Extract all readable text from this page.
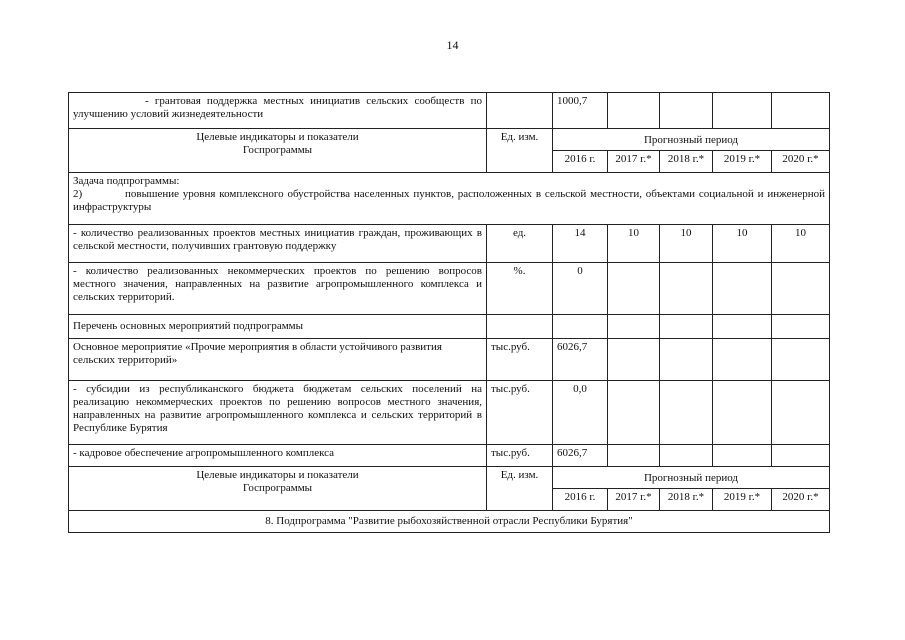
14
- грантовая поддержка местных инициатив сельских сообществ по улучшению условий жизнедеятельности		1000,7				
Целевые индикаторы и показатели Госпрограммы	Ед. изм.	Прогнозный период				
		2016 г.	2017 г.*	2018 г.*	2019 г.*	2020 г.*

Задача подпрограммы:
2) повышение уровня комплексного обустройства населенных пунктов, расположенных в сельской местности, объектами социальной и инженерной инфраструктуры						

- количество реализованных проектов местных инициатив граждан, проживающих в сельской местности, получивших грантовую поддержку	ед.	14	10	10	10	10
- количество реализованных некоммерческих проектов по решению вопросов местного значения, направленных на развитие агропромышленного комплекса и сельских территорий.	%.	0				
Перечень основных мероприятий подпрограммы						
Основное мероприятие «Прочие мероприятия в области устойчивого развития сельских территорий»	тыс.руб.	6026,7				
- субсидии из республиканского бюджета бюджетам сельских поселений на реализацию некоммерческих проектов по решению вопросов местного значения, направленных на развитие агропромышленного комплекса и сельских территорий в Республике Бурятия	тыс.руб.	0,0				
- кадровое обеспечение агропромышленного комплекса	тыс.руб.	6026,7				
Целевые индикаторы и показатели Госпрограммы	Ед. изм.	Прогнозный период				
		2016 г.	2017 г.*	2018 г.*	2019 г.*	2020 г.*
8. Подпрограмма "Развитие рыбохозяйственной отрасли Республики Бурятия"						
